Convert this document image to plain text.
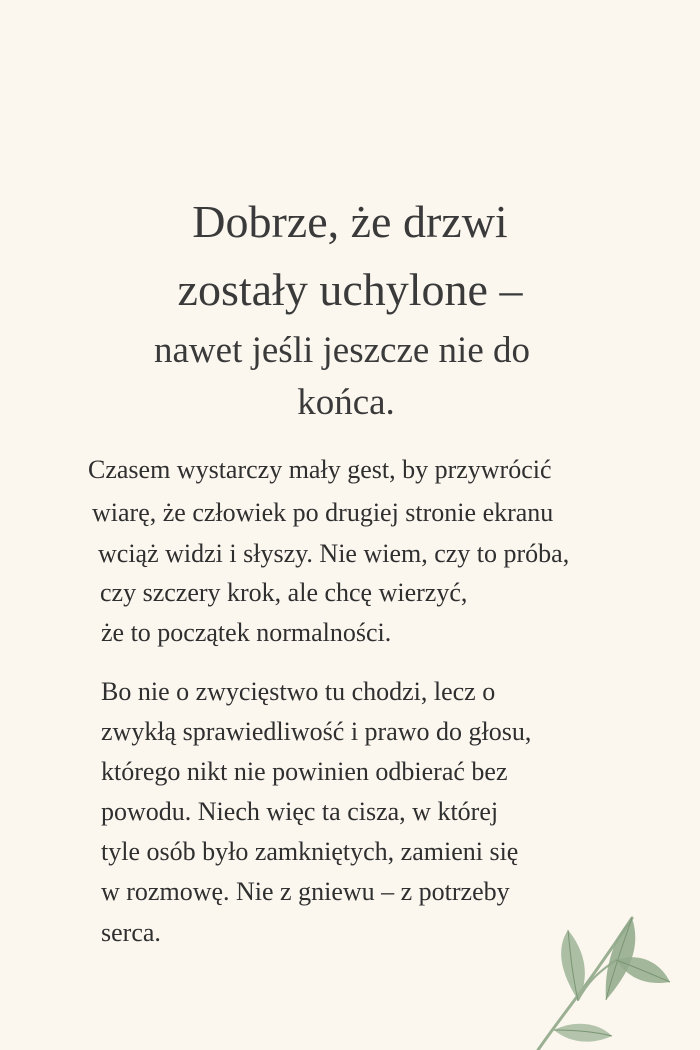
Dobrze, że drzwi
zostały uchylone –
nawet jeśli jeszcze nie do
końca.
Czasem wystarczy mały gest, by przywrócić
wiarę, że człowiek po drugiej stronie ekranu
wciąż widzi i słyszy. Nie wiem, czy to próba,
czy szczery krok, ale chcę wierzyć,
że to początek normalności.
Bo nie o zwycięstwo tu chodzi, lecz o
zwykłą sprawiedliwość i prawo do głosu,
którego nikt nie powinien odbierać bez
powodu. Niech więc ta cisza, w której
tyle osób było zamkniętych, zamieni się
w rozmowę. Nie z gniewu – z potrzeby
serca.
